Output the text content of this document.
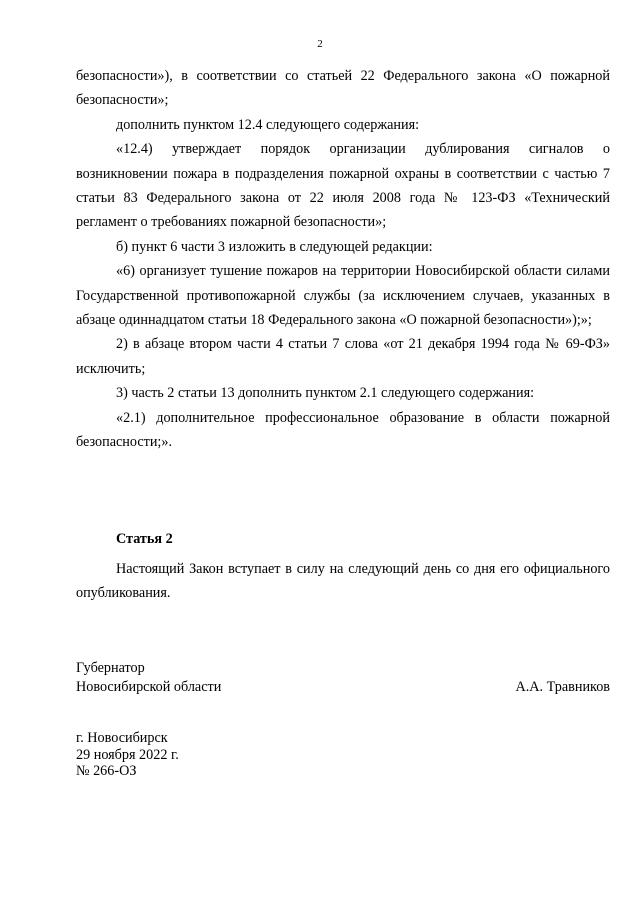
2

безопасности»), в соответствии со статьей 22 Федерального закона «О пожарной безопасности»;

дополнить пунктом 12.4 следующего содержания:

«12.4) утверждает порядок организации дублирования сигналов о возникновении пожара в подразделения пожарной охраны в соответствии с частью 7 статьи 83 Федерального закона от 22 июля 2008 года № 123-ФЗ «Технический регламент о требованиях пожарной безопасности»;

б) пункт 6 части 3 изложить в следующей редакции:

«6) организует тушение пожаров на территории Новосибирской области силами Государственной противопожарной службы (за исключением случаев, указанных в абзаце одиннадцатом статьи 18 Федерального закона «О пожарной безопасности»);»;

2) в абзаце втором части 4 статьи 7 слова «от 21 декабря 1994 года № 69-ФЗ» исключить;

3) часть 2 статьи 13 дополнить пунктом 2.1 следующего содержания:

«2.1) дополнительное профессиональное образование в области пожарной безопасности;».

Статья 2

Настоящий Закон вступает в силу на следующий день со дня его официального опубликования.

Губернатор
Новосибирской области	А.А. Травников
г. Новосибирск
29 ноября 2022 г.
№ 266-ОЗ
